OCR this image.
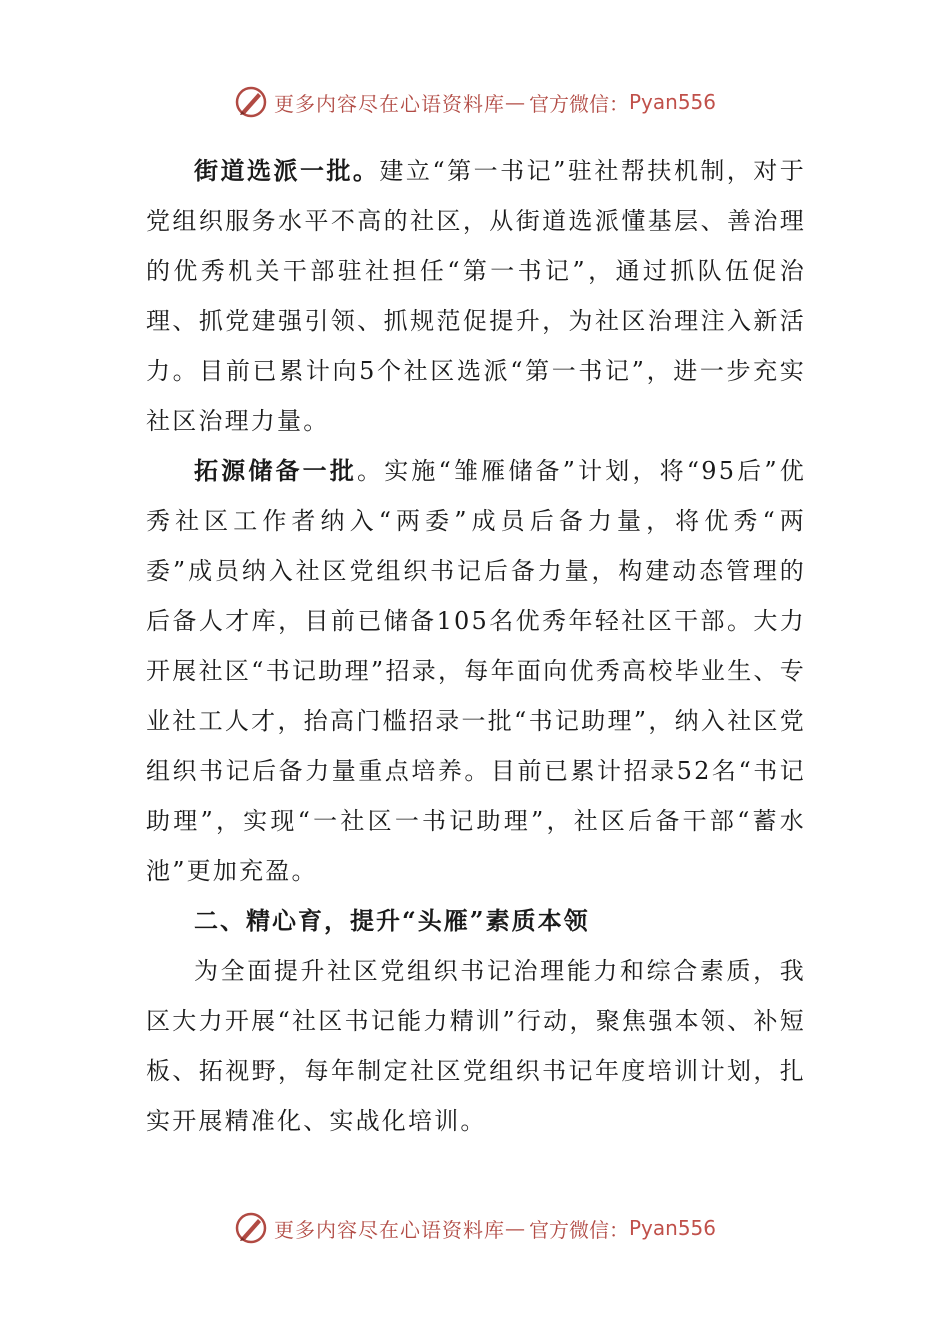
更多内容尽在心语资料库 — 官方微信： Pyan556

街道选派一批。建立“第一书记”驻社帮扶机制，对于党组织服务水平不高的社区，从街道选派懂基层、善治理的优秀机关干部驻社担任“第一书记”，通过抓队伍促治理、抓党建强引领、抓规范促提升，为社区治理注入新活力。目前已累计向5个社区选派“第一书记”，进一步充实社区治理力量。

拓源储备一批。实施“雏雁储备”计划，将“95后”优秀社区工作者纳入“两委”成员后备力量，将优秀“两委”成员纳入社区党组织书记后备力量，构建动态管理的后备人才库，目前已储备105名优秀年轻社区干部。大力开展社区“书记助理”招录，每年面向优秀高校毕业生、专业社工人才，抬高门槛招录一批“书记助理”，纳入社区党组织书记后备力量重点培养。目前已累计招录52名“书记助理”，实现“一社区一书记助理”，社区后备干部“蓄水池”更加充盈。

二、精心育，提升“头雁”素质本领

为全面提升社区党组织书记治理能力和综合素质，我区大力开展“社区书记能力精训”行动，聚焦强本领、补短板、拓视野，每年制定社区党组织书记年度培训计划，扎实开展精准化、实战化培训。

更多内容尽在心语资料库 — 官方微信： Pyan556
